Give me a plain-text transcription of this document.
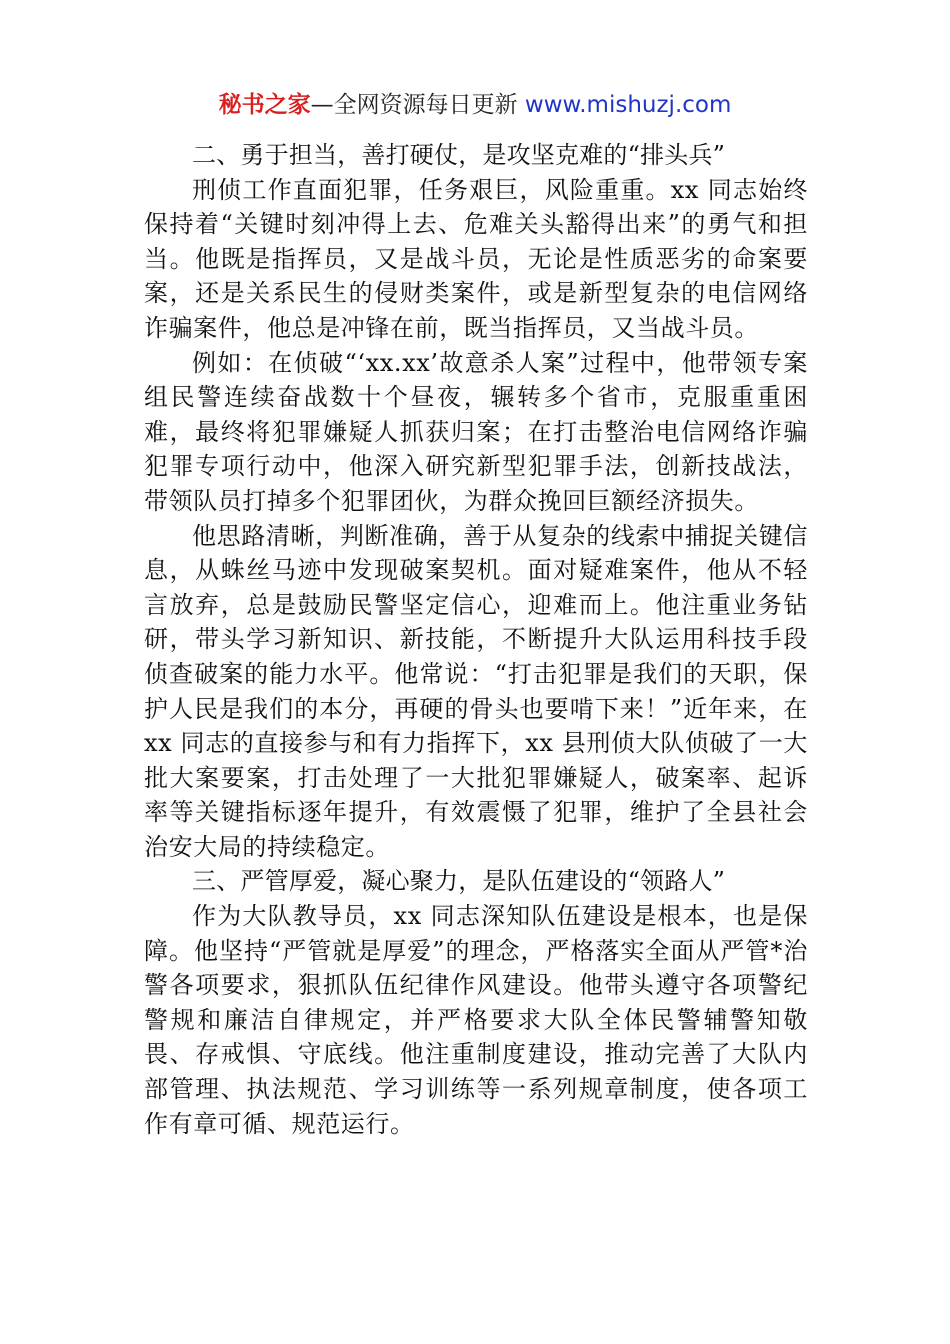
秘书之家—全网资源每日更新 www.mishuzj.com

二、勇于担当，善打硬仗，是攻坚克难的“排头兵”

刑侦工作直面犯罪，任务艰巨，风险重重。xx 同志始终保持着“关键时刻冲得上去、危难关头豁得出来”的勇气和担当。他既是指挥员，又是战斗员，无论是性质恶劣的命案要案，还是关系民生的侵财类案件，或是新型复杂的电信网络诈骗案件，他总是冲锋在前，既当指挥员，又当战斗员。

例如：在侦破“‘xx.xx’故意杀人案”过程中，他带领专案组民警连续奋战数十个昼夜，辗转多个省市，克服重重困难，最终将犯罪嫌疑人抓获归案；在打击整治电信网络诈骗犯罪专项行动中，他深入研究新型犯罪手法，创新技战法，带领队员打掉多个犯罪团伙，为群众挽回巨额经济损失。

他思路清晰，判断准确，善于从复杂的线索中捕捉关键信息，从蛛丝马迹中发现破案契机。面对疑难案件，他从不轻言放弃，总是鼓励民警坚定信心，迎难而上。他注重业务钻研，带头学习新知识、新技能，不断提升大队运用科技手段侦查破案的能力水平。他常说：“打击犯罪是我们的天职，保护人民是我们的本分，再硬的骨头也要啃下来！”近年来，在 xx 同志的直接参与和有力指挥下，xx 县刑侦大队侦破了一大批大案要案，打击处理了一大批犯罪嫌疑人，破案率、起诉率等关键指标逐年提升，有效震慑了犯罪，维护了全县社会治安大局的持续稳定。

三、严管厚爱，凝心聚力，是队伍建设的“领路人”

作为大队教导员，xx 同志深知队伍建设是根本，也是保障。他坚持“严管就是厚爱”的理念，严格落实全面从严管*治警各项要求，狠抓队伍纪律作风建设。他带头遵守各项警纪警规和廉洁自律规定，并严格要求大队全体民警辅警知敬畏、存戒惧、守底线。他注重制度建设，推动完善了大队内部管理、执法规范、学习训练等一系列规章制度，使各项工作有章可循、规范运行。
